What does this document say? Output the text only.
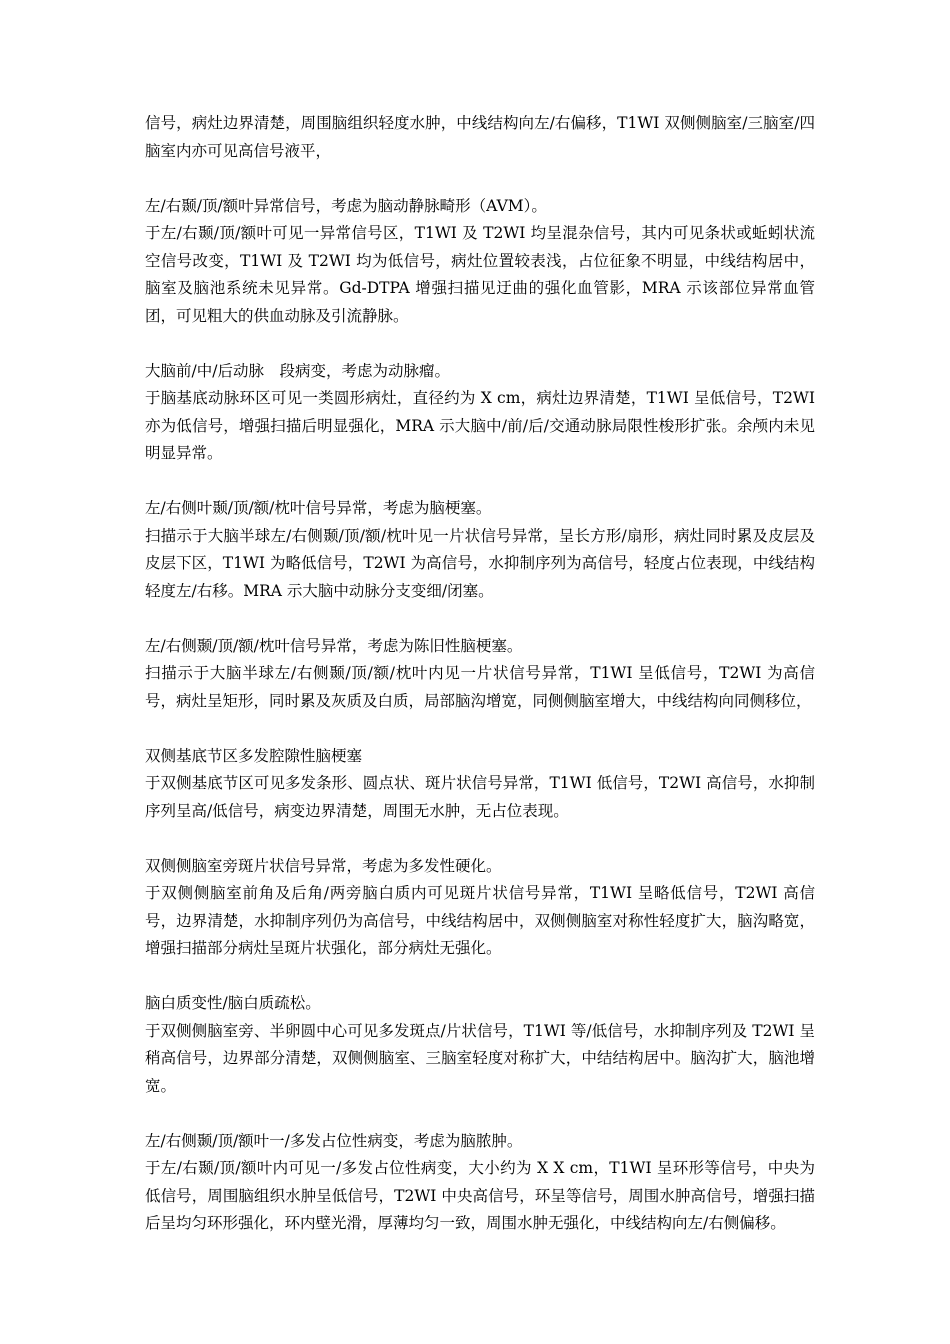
信号，病灶边界清楚，周围脑组织轻度水肿，中线结构向左/右偏移，T1WI 双侧侧脑室/三脑室/四脑室内亦可见高信号液平，
左/右颞/顶/额叶异常信号，考虑为脑动静脉畸形（AVM）。
于左/右颞/顶/额叶可见一异常信号区，T1WI 及 T2WI 均呈混杂信号，其内可见条状或蚯蚓状流空信号改变，T1WI 及 T2WI 均为低信号，病灶位置较表浅，占位征象不明显，中线结构居中，脑室及脑池系统未见异常。Gd-DTPA 增强扫描见迂曲的强化血管影，MRA 示该部位异常血管团，可见粗大的供血动脉及引流静脉。
大脑前/中/后动脉　段病变，考虑为动脉瘤。
于脑基底动脉环区可见一类圆形病灶，直径约为 X cm，病灶边界清楚，T1WI 呈低信号，T2WI 亦为低信号，增强扫描后明显强化，MRA 示大脑中/前/后/交通动脉局限性梭形扩张。余颅内未见明显异常。
左/右侧叶颞/顶/额/枕叶信号异常，考虑为脑梗塞。
扫描示于大脑半球左/右侧颞/顶/额/枕叶见一片状信号异常，呈长方形/扇形，病灶同时累及皮层及皮层下区，T1WI 为略低信号，T2WI 为高信号，水抑制序列为高信号，轻度占位表现，中线结构轻度左/右移。MRA 示大脑中动脉分支变细/闭塞。
左/右侧颞/顶/额/枕叶信号异常，考虑为陈旧性脑梗塞。
扫描示于大脑半球左/右侧颞/顶/额/枕叶内见一片状信号异常，T1WI 呈低信号，T2WI 为高信号，病灶呈矩形，同时累及灰质及白质，局部脑沟增宽，同侧侧脑室增大，中线结构向同侧移位，
双侧基底节区多发腔隙性脑梗塞
于双侧基底节区可见多发条形、圆点状、斑片状信号异常，T1WI 低信号，T2WI 高信号，水抑制序列呈高/低信号，病变边界清楚，周围无水肿，无占位表现。
双侧侧脑室旁斑片状信号异常，考虑为多发性硬化。
于双侧侧脑室前角及后角/两旁脑白质内可见斑片状信号异常，T1WI 呈略低信号，T2WI 高信号，边界清楚，水抑制序列仍为高信号，中线结构居中，双侧侧脑室对称性轻度扩大，脑沟略宽，增强扫描部分病灶呈斑片状强化，部分病灶无强化。
脑白质变性/脑白质疏松。
于双侧侧脑室旁、半卵圆中心可见多发斑点/片状信号，T1WI 等/低信号，水抑制序列及 T2WI 呈稍高信号，边界部分清楚，双侧侧脑室、三脑室轻度对称扩大，中结结构居中。脑沟扩大，脑池增宽。
左/右侧颞/顶/额叶一/多发占位性病变，考虑为脑脓肿。
于左/右颞/顶/额叶内可见一/多发占位性病变，大小约为 X X cm，T1WI 呈环形等信号，中央为低信号，周围脑组织水肿呈低信号，T2WI 中央高信号，环呈等信号，周围水肿高信号，增强扫描后呈均匀环形强化，环内壁光滑，厚薄均匀一致，周围水肿无强化，中线结构向左/右侧偏移。
